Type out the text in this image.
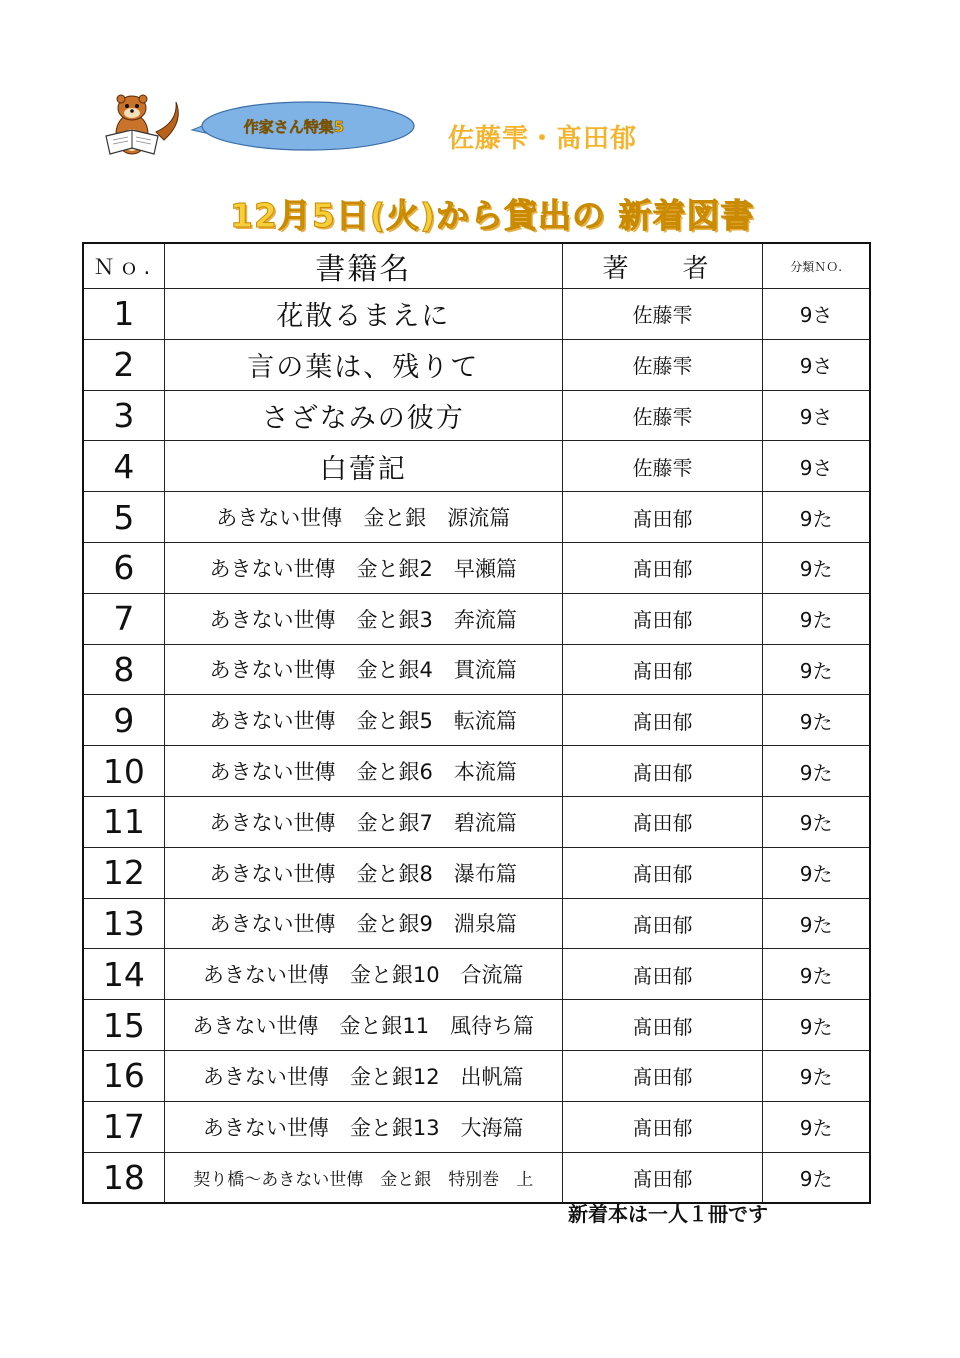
作家さん特集5	佐藤雫・髙田郁
12月5日(火)から貸出の 新着図書
Ｎｏ.	書籍名	著　者	分類ＮＯ.
1	花散るまえに	佐藤雫	9さ
2	言の葉は、残りて	佐藤雫	9さ
3	さざなみの彼方	佐藤雫	9さ
4	白蕾記	佐藤雫	9さ
5	あきない世傳　金と銀　源流篇	髙田郁	9た
6	あきない世傳　金と銀2　早瀬篇	髙田郁	9た
7	あきない世傳　金と銀3　奔流篇	髙田郁	9た
8	あきない世傳　金と銀4　貫流篇	髙田郁	9た
9	あきない世傳　金と銀5　転流篇	髙田郁	9た
10	あきない世傳　金と銀6　本流篇	髙田郁	9た
11	あきない世傳　金と銀7　碧流篇	髙田郁	9た
12	あきない世傳　金と銀8　瀑布篇	髙田郁	9た
13	あきない世傳　金と銀9　淵泉篇	髙田郁	9た
14	あきない世傳　金と銀10　合流篇	髙田郁	9た
15	あきない世傳　金と銀11　風待ち篇	髙田郁	9た
16	あきない世傳　金と銀12　出帆篇	髙田郁	9た
17	あきない世傳　金と銀13　大海篇	髙田郁	9た
18	契り橋～あきない世傳　金と銀　特別巻　上	髙田郁	9た
新着本は一人１冊です
